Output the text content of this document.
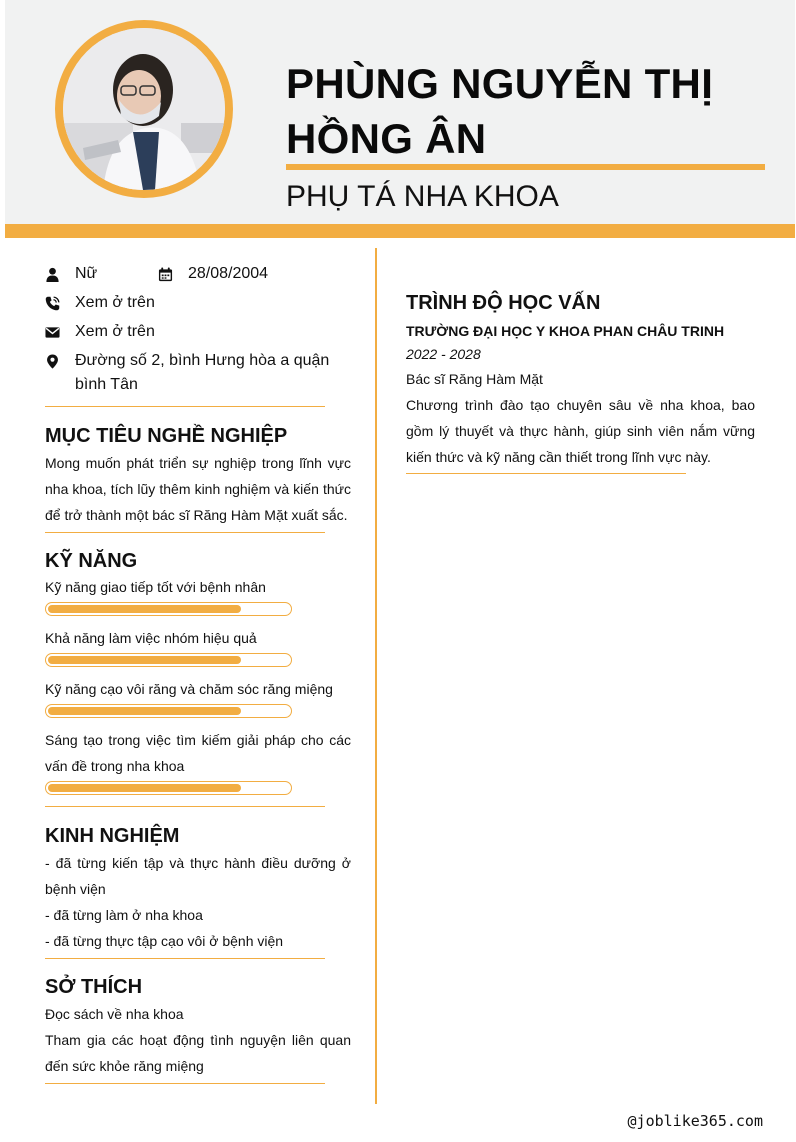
PHÙNG NGUYỄN THỊ HỒNG ÂN
PHỤ TÁ NHA KHOA
Nữ	28/08/2004
Xem ở trên
Xem ở trên
Đường số 2, bình Hưng hòa a quận bình Tân
MỤC TIÊU NGHỀ NGHIỆP
Mong muốn phát triển sự nghiệp trong lĩnh vực nha khoa, tích lũy thêm kinh nghiệm và kiến thức để trở thành một bác sĩ Răng Hàm Mặt xuất sắc.
KỸ NĂNG
Kỹ năng giao tiếp tốt với bệnh nhân
Khả năng làm việc nhóm hiệu quả
Kỹ năng cạo vôi răng và chăm sóc răng miệng
Sáng tạo trong việc tìm kiếm giải pháp cho các vấn đề trong nha khoa
KINH NGHIỆM
- đã từng kiến tập và thực hành điều dưỡng ở bệnh viện
- đã từng làm ở nha khoa
- đã từng thực tập cạo vôi ở bệnh viện
SỞ THÍCH
Đọc sách về nha khoa
Tham gia các hoạt động tình nguyện liên quan đến sức khỏe răng miệng
TRÌNH ĐỘ HỌC VẤN
TRƯỜNG ĐẠI HỌC Y KHOA PHAN CHÂU TRINH
2022 - 2028
Bác sĩ Răng Hàm Mặt
Chương trình đào tạo chuyên sâu về nha khoa, bao gồm lý thuyết và thực hành, giúp sinh viên nắm vững kiến thức và kỹ năng cần thiết trong lĩnh vực này.
@joblike365.com
